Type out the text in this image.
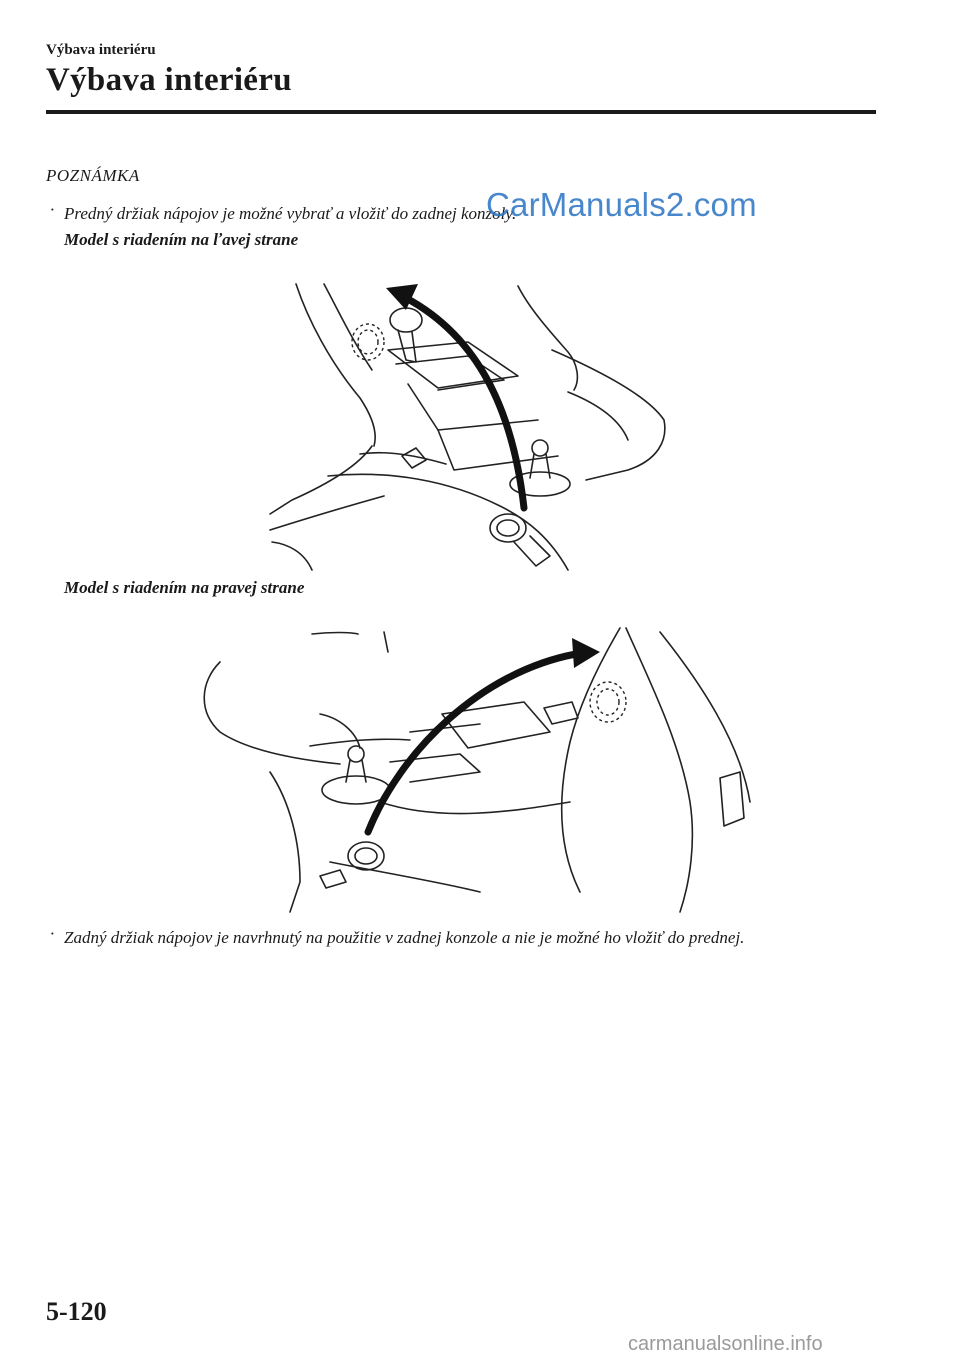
Výbava interiéru
Výbava interiéru
POZNÁMKA
· Predný držiak nápojov je možné vybrať a vložiť do zadnej konzoly.
CarManuals2.com
Model s riadením na ľavej strane
Model s riadením na pravej strane
· Zadný držiak nápojov je navrhnutý na použitie v zadnej konzole a nie je možné ho vložiť do prednej.
5-120
carmanualsonline.info
